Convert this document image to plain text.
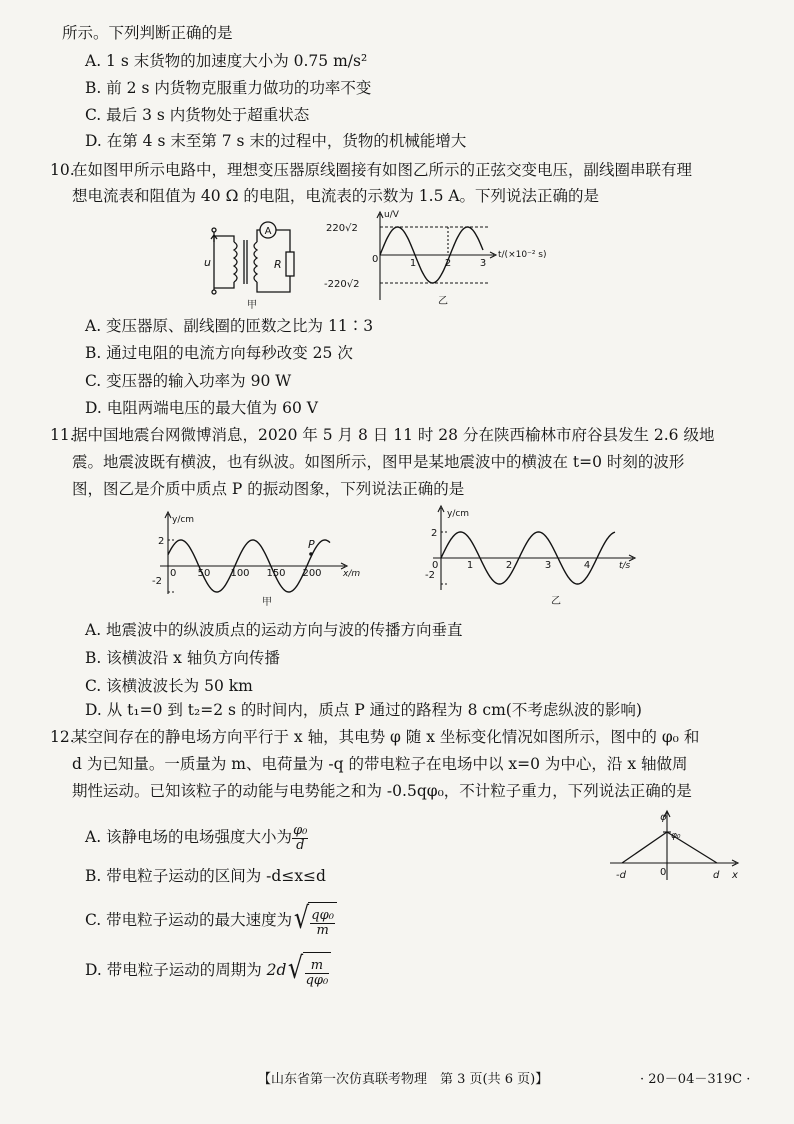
所示。下列判断正确的是
A. 1 s 末货物的加速度大小为 0.75 m/s²
B. 前 2 s 内货物克服重力做功的功率不变
C. 最后 3 s 内货物处于超重状态
D. 在第 4 s 末至第 7 s 末的过程中，货物的机械能增大
10.
在如图甲所示电路中，理想变压器原线圈接有如图乙所示的正弦交变电压，副线圈串联有理
想电流表和阻值为 40 Ω 的电阻，电流表的示数为 1.5 A。下列说法正确的是
A
u	R
甲
u/V
t/(×10⁻² s)
220√2
-220√2
0	1	2	3
乙
A. 变压器原、副线圈的匝数之比为 11∶3
B. 通过电阻的电流方向每秒改变 25 次
C. 变压器的输入功率为 90 W
D. 电阻两端电压的最大值为 60 V
11.
据中国地震台网微博消息，2020 年 5 月 8 日 11 时 28 分在陕西榆林市府谷县发生 2.6 级地
震。地震波既有横波，也有纵波。如图所示，图甲是某地震波中的横波在 t=0 时刻的波形
图，图乙是介质中质点 P 的振动图象，下列说法正确的是
y/cm
2
-2
0 50 100 150 200 x/m
P
甲
y/cm
2
-2
0	1	2	3	4	t/s
乙
A. 地震波中的纵波质点的运动方向与波的传播方向垂直
B. 该横波沿 x 轴负方向传播
C. 该横波波长为 50 km
D. 从 t₁=0 到 t₂=2 s 的时间内，质点 P 通过的路程为 8 cm(不考虑纵波的影响)
12.
某空间存在的静电场方向平行于 x 轴，其电势 φ 随 x 坐标变化情况如图所示，图中的 φ₀ 和
d 为已知量。一质量为 m、电荷量为 -q 的带电粒子在电场中以 x=0 为中心，沿 x 轴做周
期性运动。已知该粒子的动能与电势能之和为 -0.5qφ₀，不计粒子重力，下列说法正确的是
φ
φ₀
-d	0	d x
A. 该静电场的电场强度大小为 $\frac{\text{φ₀}}{d}$
B. 带电粒子运动的区间为 -d≤x≤d
C. 带电粒子运动的最大速度为 √ $\frac{\text{qφ₀}}{m}$
D. 带电粒子运动的周期为 2d √ $\frac{m}{\text{qφ₀}}$
【山东省第一次仿真联考物理　第 3 页(共 6 页)】	· 20－04－319C ·
